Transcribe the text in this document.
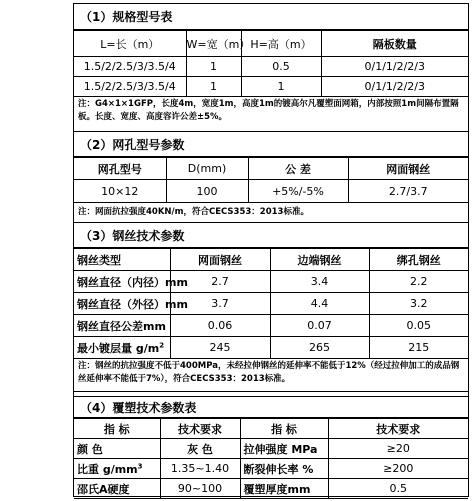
（1）规格型号表
L=长（m）	W=宽（m）	H=高（m）	隔板数量
1.5/2/2.5/3/3.5/4	1	0.5	0/1/1/2/2/3
1.5/2/2.5/3/3.5/4	1	1	0/1/1/2/2/3
注：G4×1×1GFP，长度4m，宽度1m，高度1m的镀高尔凡覆塑面网箱，内部按照1m间隔布置隔板。长度、宽度、高度容许公差±5%。
（2）网孔型号参数
网孔型号	D(mm)	公 差	网面钢丝
10×12	100	+5%/-5%	2.7/3.7
注：网面抗拉强度40KN/m，符合CECS353：2013标准。
（3）钢丝技术参数
钢丝类型	网面钢丝	边端钢丝	绑孔钢丝
钢丝直径（内径）mm	2.7	3.4	2.2
钢丝直径（外径）mm	3.7	4.4	3.2
钢丝直径公差mm	0.06	0.07	0.05
最小镀层量 $g/m^2$	245	265	215
注：钢丝的抗拉强度不低于400MPa，未经拉伸钢丝的延伸率不能低于12%（经过拉伸加工的成品钢丝延伸率不能低于7%），符合CECS353：2013标准。
（4）覆塑技术参数表
指 标	技术要求	指 标	技术要求
颜 色	灰 色	拉伸强度 MPa	≥20
比重 $g/mm^3$	1.35~1.40	断裂伸长率 %	≥200
邵氏A硬度	90~100	覆塑厚度mm	0.5
